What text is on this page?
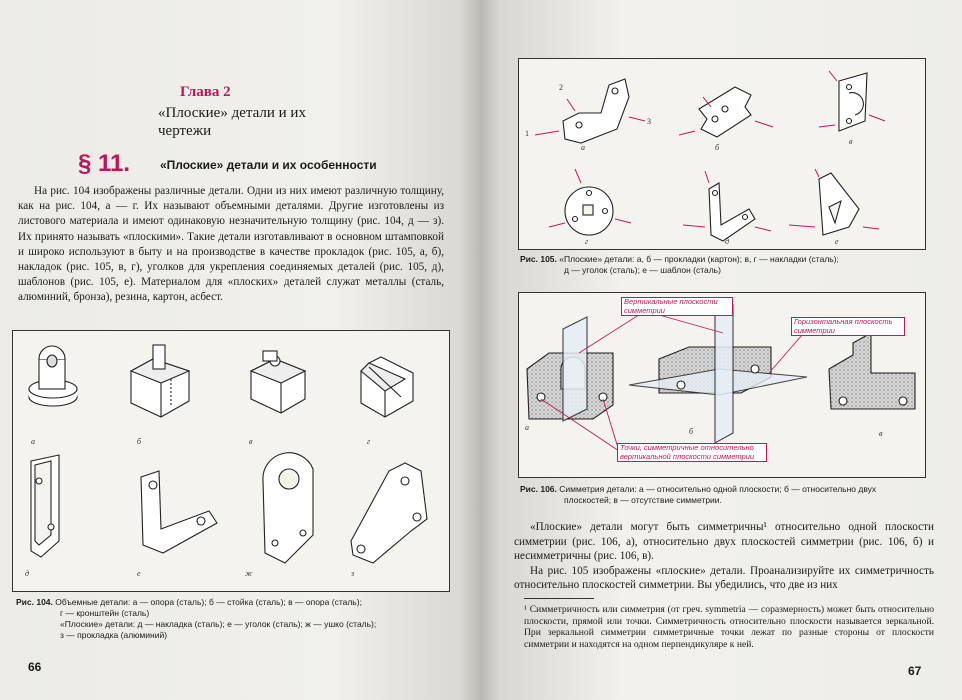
Глава 2
«Плоские» детали и их чертежи
§ 11. «Плоские» детали и их особенности

На рис. 104 изображены различные детали. Одни из них имеют различную толщину, как на рис. 104, а — г. Их называют объемными деталями. Другие изготовлены из листового материала и имеют одинаковую незначительную толщину (рис. 104, д — з). Их принято называть «плоскими». Такие детали изготавливают в основном штамповкой и широко используют в быту и на производстве в качестве прокладок (рис. 105, а, б), накладок (рис. 105, в, г), уголков для укрепления соединяемых деталей (рис. 105, д), шаблонов (рис. 105, е). Материалом для «плоских» деталей служат металлы (сталь, алюминий, бронза), резина, картон, асбест.

а	б	в	г
д	е	ж	з
Рис. 104. Объемные детали: а — опора (сталь); б — стойка (сталь); в — опора (сталь);
г — кронштейн (сталь)
«Плоские» детали: д — накладка (сталь); е — уголок (сталь); ж — ушко (сталь);
з — прокладка (алюминий)
66
2
3
1
а	б
в
г	д	е
Рис. 105. «Плоские» детали: а, б — прокладки (картон); в, г — накладки (сталь);
д — уголок (сталь); е — шаблон (сталь)
Вертикальные плоскости симметрии
Горизонтальная плоскость симметрии
Точки, симметричные относительно вертикальной плоскости симметрии
а	б	в
Рис. 106. Симметрия детали: а — относительно одной плоскости; б — относительно двух
плоскостей; в — отсутствие симметрии.

«Плоские» детали могут быть симметричны¹ относительно одной плоскости симметрии (рис. 106, а), относительно двух плоскостей симметрии (рис. 106, б) и несимметричны (рис. 106, в).

На рис. 105 изображены «плоские» детали. Проанализируйте их симметричность относительно плоскостей симметрии. Вы убедились, что две из них

¹ Симметричность или симметрия (от греч. symmetria — соразмерность) может быть относительно плоскости, прямой или точки. Симметричность относительно плоскости называется зеркальной. При зеркальной симметрии симметричные точки лежат по разные стороны от плоскости симметрии и находятся на одном перпендикуляре к ней.
67
